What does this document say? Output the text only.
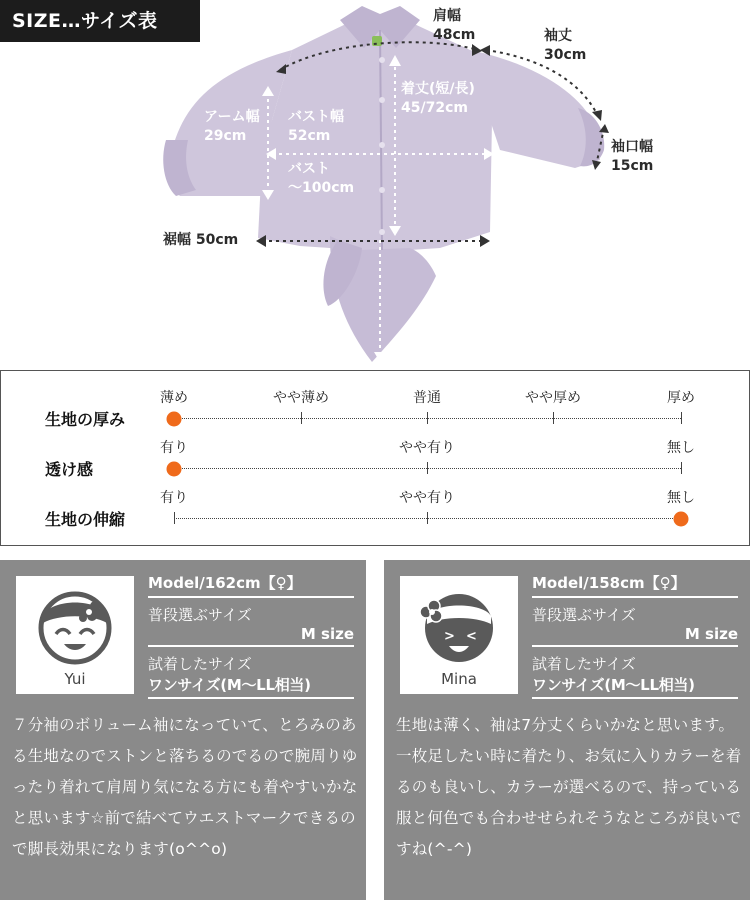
SIZE…サイズ表	肩幅
48cm	袖丈
30cm
着丈(短/長)
45/72cm
アーム幅
29cm
バスト幅
52cm
バスト
～100cm
袖口幅
15cm
裾幅 50cm
生地の厚み
薄め	やや薄め	普通	やや厚め	厚め
透け感
有り	やや有り	無し
生地の伸縮
有り	やや有り	無し
Yui
Model/162cm【♀】
普段選ぶサイズ
M size
試着したサイズ
ワンサイズ(M～LL相当)
７分袖のボリューム袖になっていて、とろみのある生地なのでストンと落ちるのでるので腕周りゆったり着れて肩周り気になる方にも着やすいかなと思います☆前で結べてウエストマークできるので脚長効果になります(o^^o)
> <
Mina
Model/158cm【♀】
普段選ぶサイズ
M size
試着したサイズ
ワンサイズ(M～LL相当)
生地は薄く、袖は7分丈くらいかなと思います。一枚足したい時に着たり、お気に入りカラーを着るのも良いし、カラーが選べるので、持っている服と何色でも合わせせられそうなところが良いですね(^-^)
